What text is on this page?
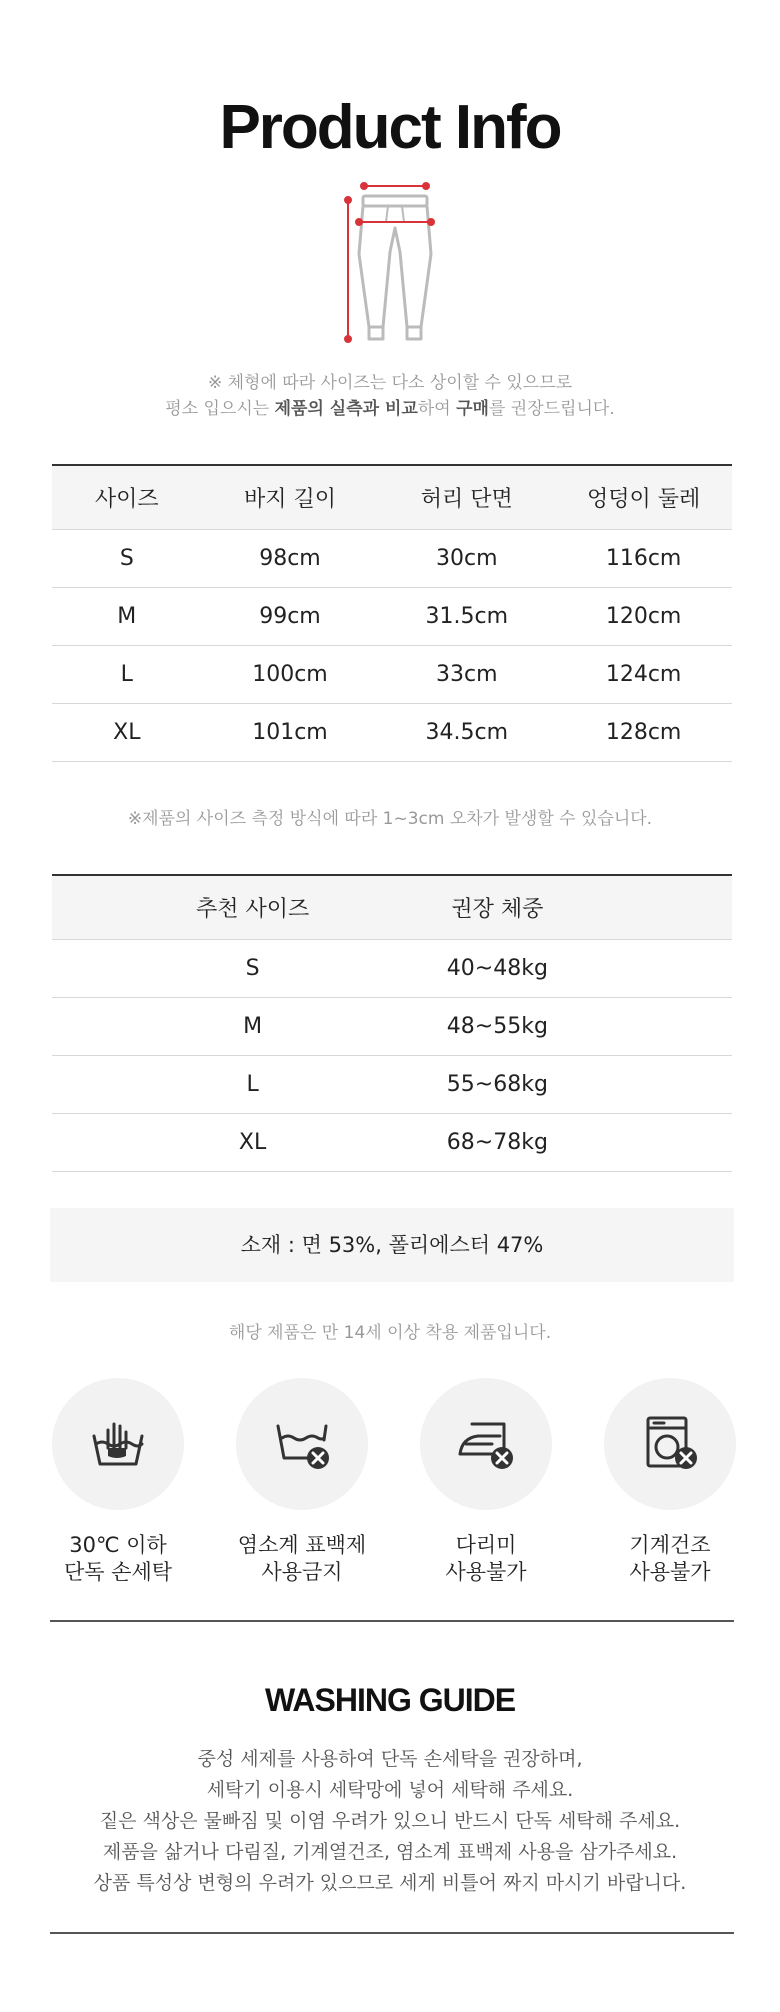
Product Info
※ 체형에 따라 사이즈는 다소 상이할 수 있으므로
평소 입으시는 제품의 실측과 비교하여 구매를 권장드립니다.
사이즈	바지 길이	허리 단면	엉덩이 둘레
S	98cm	30cm	116cm
M	99cm	31.5cm	120cm
L	100cm	33cm	124cm
XL	101cm	34.5cm	128cm
※제품의 사이즈 측정 방식에 따라 1~3cm 오차가 발생할 수 있습니다.
	추천 사이즈		권장 체중	
	S		40~48kg	
	M		48~55kg	
	L		55~68kg	
	XL		68~78kg	
소재 : 면 53%, 폴리에스터 47%
해당 제품은 만 14세 이상 착용 제품입니다.
30℃ 이하
단독 손세탁
염소계 표백제
사용금지
다리미
사용불가
기계건조
사용불가
WASHING GUIDE
중성 세제를 사용하여 단독 손세탁을 권장하며,
세탁기 이용시 세탁망에 넣어 세탁해 주세요.
짙은 색상은 물빠짐 및 이염 우려가 있으니 반드시 단독 세탁해 주세요.
제품을 삶거나 다림질, 기계열건조, 염소계 표백제 사용을 삼가주세요.
상품 특성상 변형의 우려가 있으므로 세게 비틀어 짜지 마시기 바랍니다.
